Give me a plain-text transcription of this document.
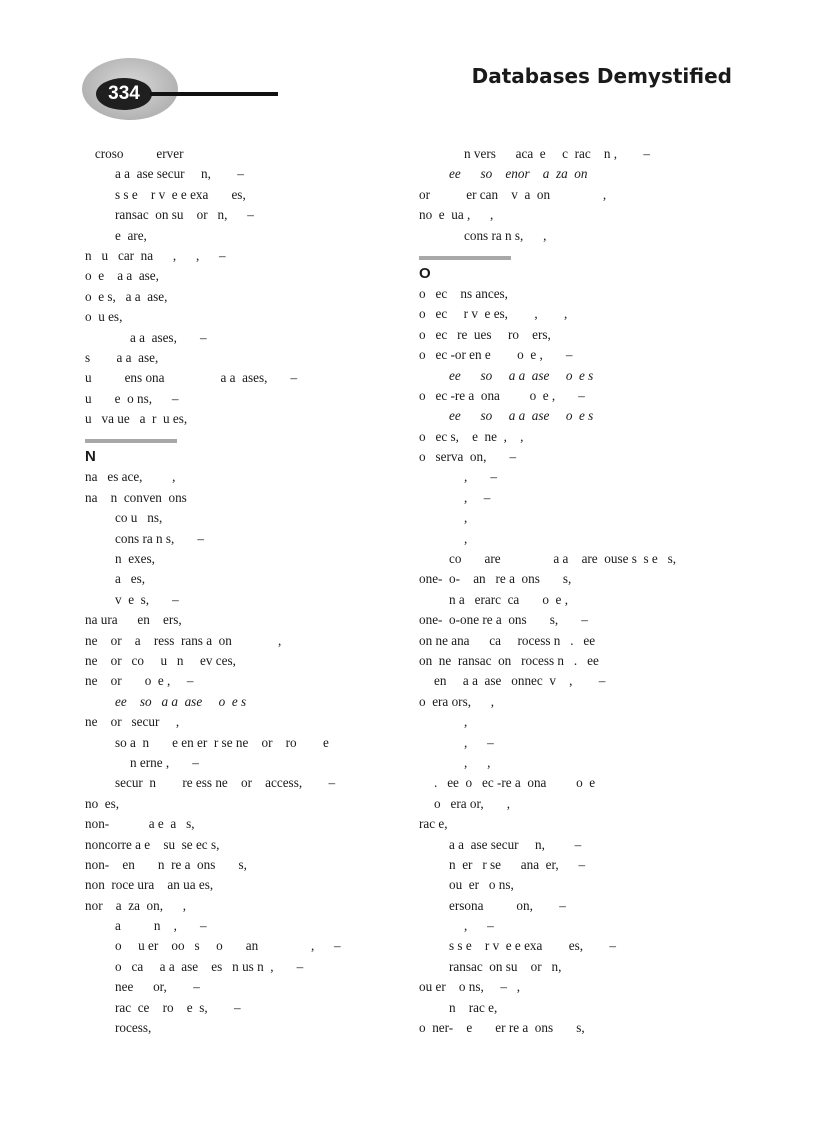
334
Databases Demystified
croso          erver
a a  ase secur     n,        –
s s e    r v  e e exa       es,
ransac  on su    or   n,      –
e  are,
n   u   car  na      ,      ,      –
o  e    a a  ase,
o  e s,   a a  ase,
o  u es,
a a  ases,       –
s        a a  ase,
u          ens ona                 a a  ases,       –
u       e  o ns,      –
u   va ue   a  r  u es,
N
na   es ace,         ,
na    n  conven  ons
co u   ns,
cons ra n s,       –
n  exes,
a   es,
v  e  s,       –
na ura      en    ers,
ne    or    a    ress  rans a  on              ,
ne    or   co     u   n     ev ces,
ne    or       o  e ,     –
ee    so   a a  ase     o  e s
ne    or   secur     ,
so a  n       e en er  r se ne    or    ro        e
n erne ,       –
secur  n        re ess ne    or    access,        –
no  es,
non-            a e  a   s,
noncorre a e    su  se ec s,
non-    en       n  re a  ons       s,
non  roce ura    an ua es,
nor    a  za  on,      ,
a          n    ,       –
o     u er    oo   s     o       an                ,      –
o   ca     a a  ase    es   n us n  ,       –
nee      or,        –
rac  ce    ro    e  s,        –
rocess,
n vers      aca  e     c  rac    n ,        –
ee      so    enor    a  za  on
or           er can    v  a  on                ,
no  e  ua ,      ,
cons ra n s,      ,
O
o   ec    ns ances,
o   ec     r v  e es,        ,        ,
o   ec   re  ues     ro    ers,
o   ec -or en e        o  e ,       –
ee      so     a a  ase     o  e s
o   ec -re a  ona         o  e ,       –
ee      so     a a  ase     o  e s
o   ec s,    e  ne  ,    ,
o   serva  on,       –
,       –
,     –
,
,
co       are                a a    are  ouse s  s e   s,
one-  o-    an   re a  ons       s,
n a   erarc  ca       o  e ,
one-  o-one re a  ons       s,       –
on ne ana      ca     rocess n   .   ee
on  ne  ransac  on   rocess n   .   ee
en     a a  ase   onnec  v    ,        –
o  era ors,      ,
,
,      –
,      ,
.   ee  o   ec -re a  ona         o  e
o   era or,       ,
rac e,
a a  ase secur     n,         –
n  er   r se      ana  er,      –
ou  er   o ns,
ersona          on,        –
,      –
s s e    r v  e e exa        es,        –
ransac  on su    or   n,
ou er    o ns,     –   ,
n    rac e,
o  ner-    e       er re a  ons       s,
